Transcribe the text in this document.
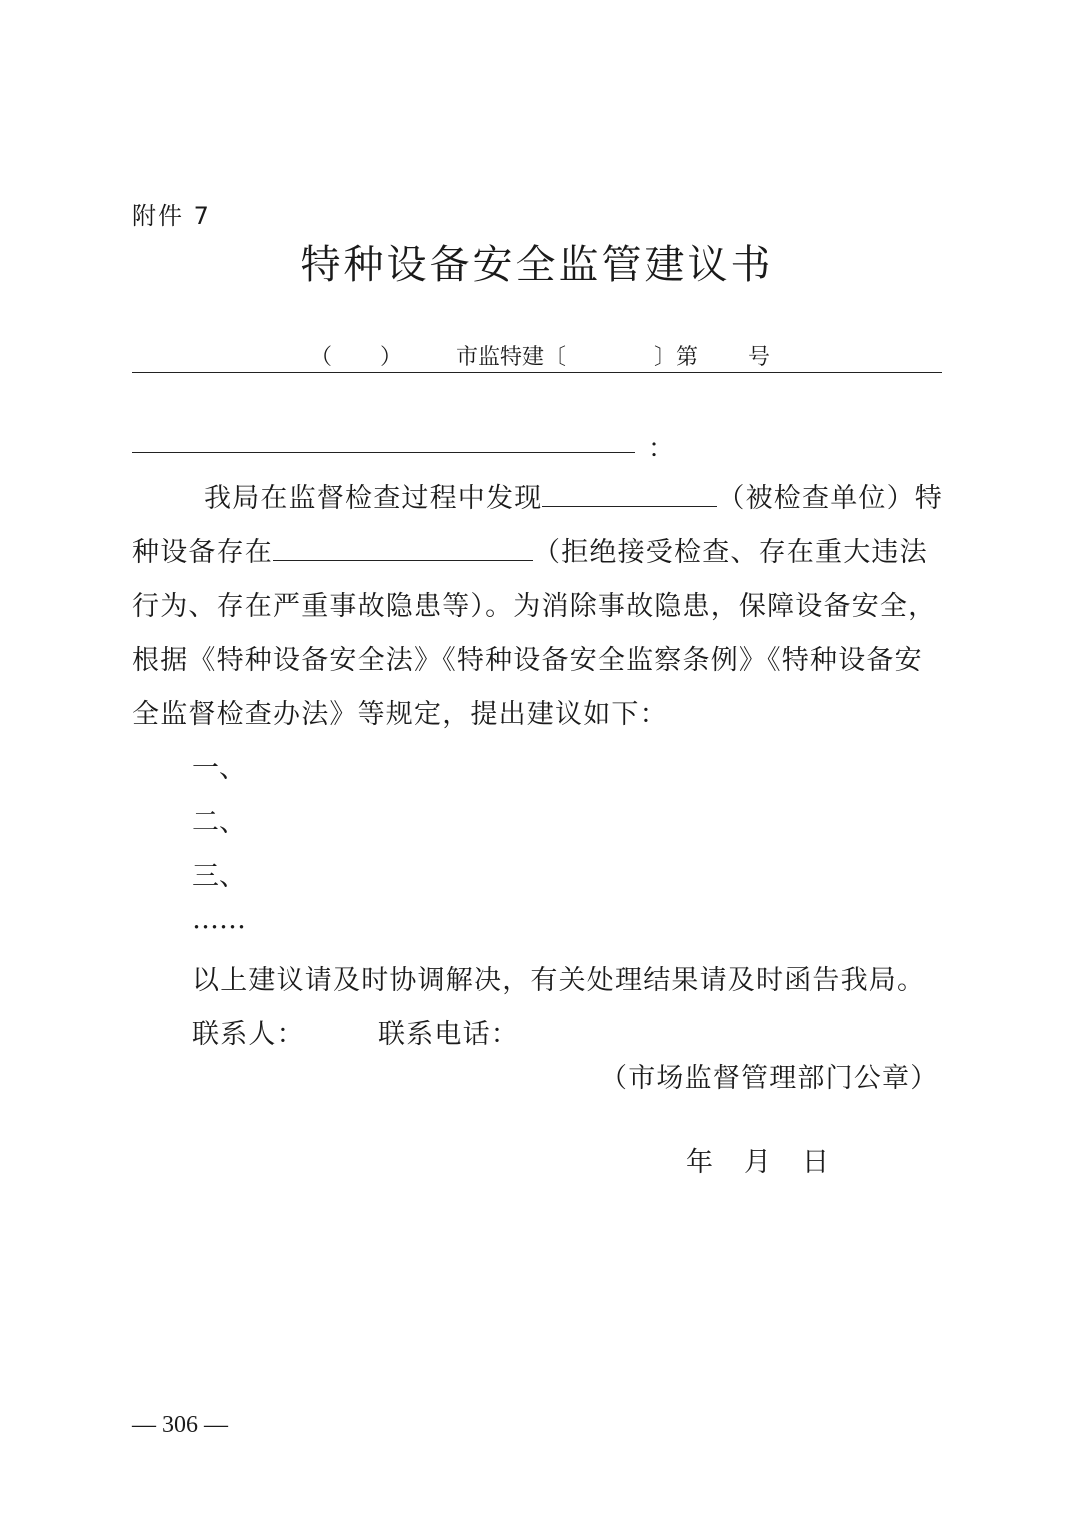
附件 7
特种设备安全监管建议书
（ ） 市监特建〔	〕第 号
：
我局在监督检查过程中发现	（被检查单位）特
种设备存在	（拒绝接受检查、存在重大违法
行为、存在严重事故隐患等）。为消除事故隐患，保障设备安全，
根据《特种设备安全法》《特种设备安全监察条例》《特种设备安
全监督检查办法》等规定，提出建议如下：
一、
二、
三、
……
以上建议请及时协调解决，有关处理结果请及时函告我局。
联系人：	联系电话：
（市场监督管理部门公章）
年 月 日
— 306 —
